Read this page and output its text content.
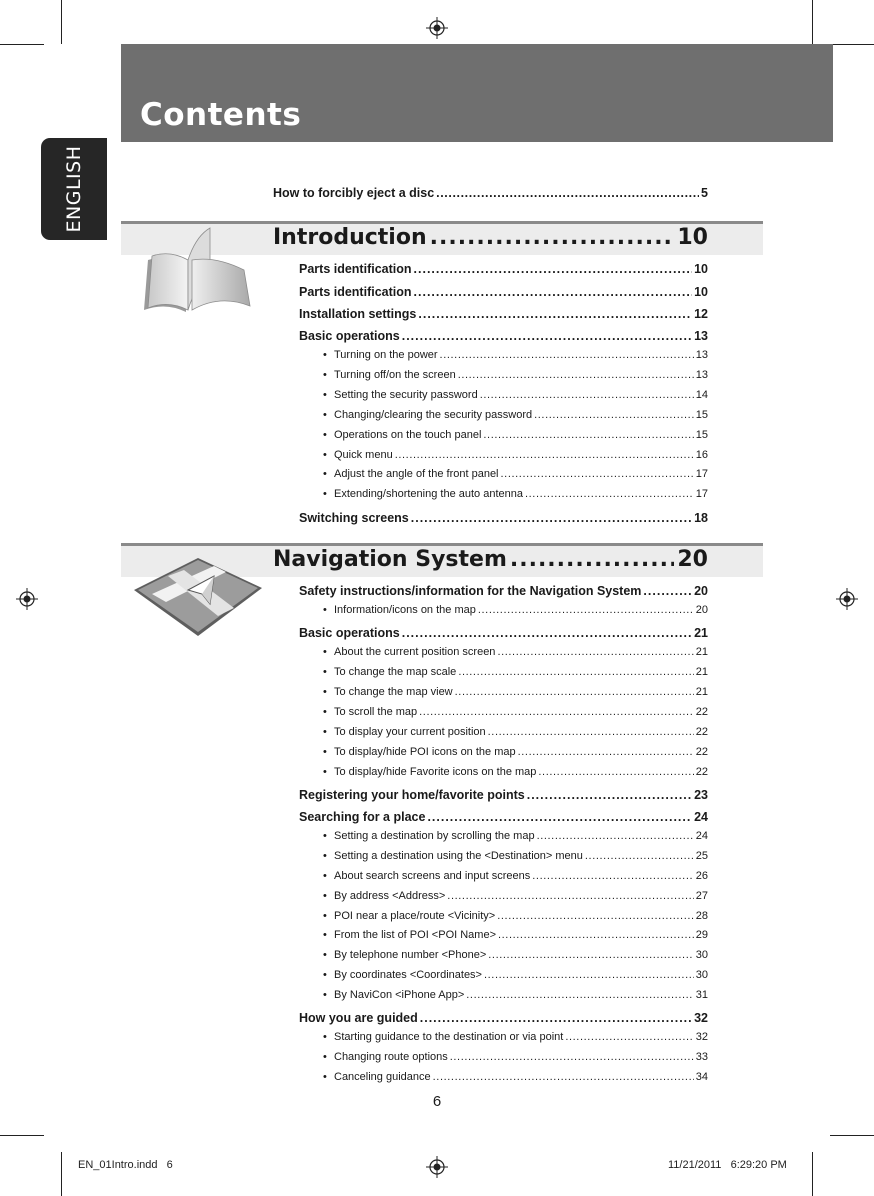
Contents
ENGLISH	How to forcibly eject a disc .....	5
Introduction .....	10
Parts identification .....	10
Parts identification .....	10
Installation settings .....	12
Basic operations .....	13
• Turning on the power .....	13
• Turning off/on the screen .....	13
• Setting the security password .....	14
• Changing/clearing the security password .....	15
• Operations on the touch panel .....	15
• Quick menu .....	16
• Adjust the angle of the front panel .....	17
• Extending/shortening the auto antenna .....	17
Switching screens .....	18
Navigation System .....	20
Safety instructions/information for the Navigation System .....	20
• Information/icons on the map .....	20
Basic operations .....	21
• About the current position screen .....	21
• To change the map scale .....	21
• To change the map view .....	21
• To scroll the map .....	22
• To display your current position .....	22
• To display/hide POI icons on the map .....	22
• To display/hide Favorite icons on the map .....	22
Registering your home/favorite points .....	23
Searching for a place .....	24
• Setting a destination by scrolling the map .....	24
• Setting a destination using the <Destination> menu .....	25
• About search screens and input screens .....	26
• By address <Address> .....	27
• POI near a place/route <Vicinity> .....	28
• From the list of POI <POI Name> .....	29
• By telephone number <Phone> .....	30
• By coordinates <Coordinates> .....	30
• By NaviCon <iPhone App> .....	31
How you are guided .....	32
• Starting guidance to the destination or via point .....	32
• Changing route options .....	33
• Canceling guidance .....	34
6
EN_01Intro.indd   6	11/21/2011   6:29:20 PM
